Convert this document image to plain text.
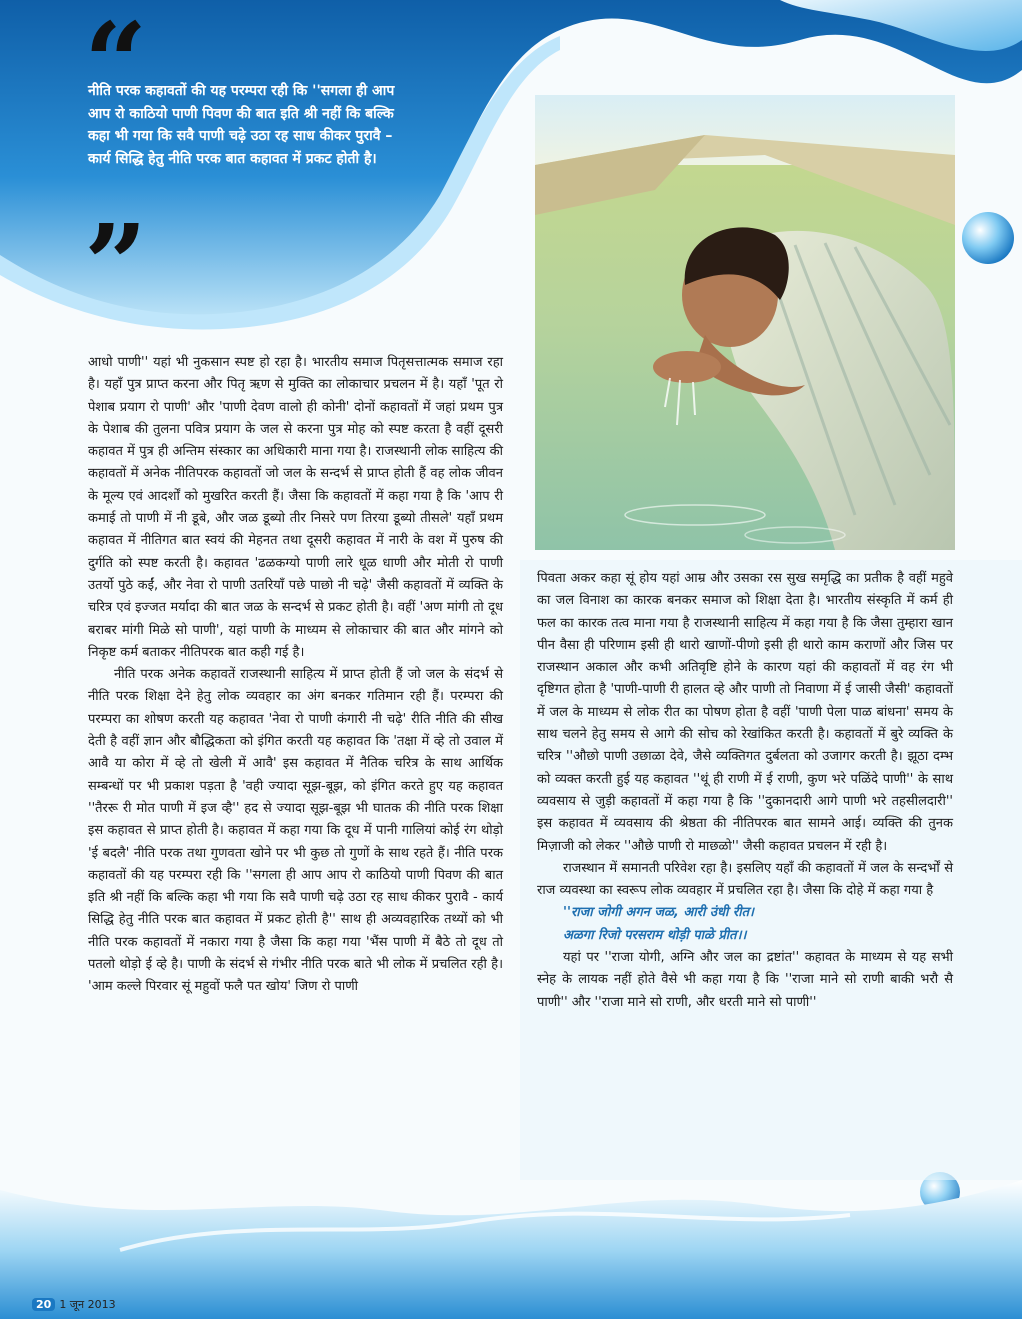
“
नीति परक कहावतों की यह परम्परा रही कि ''सगला ही आप आप रो काठियो पाणी पिवण की बात इति श्री नहीं कि बल्कि कहा भी गया कि सवै पाणी चढ़े उठा रह साध कीकर पुरावै – कार्य सिद्धि हेतु नीति परक बात कहावत में प्रकट होती है।
”

आधो पाणी'' यहां भी नुकसान स्पष्ट हो रहा है। भारतीय समाज पितृसत्तात्मक समाज रहा है। यहाँ पुत्र प्राप्त करना और पितृ ऋण से मुक्ति का लोकाचार प्रचलन में है। यहाँ 'पूत रो पेशाब प्रयाग रो पाणी' और 'पाणी देवण वालो ही कोनी' दोनों कहावतों में जहां प्रथम पुत्र के पेशाब की तुलना पवित्र प्रयाग के जल से करना पुत्र मोह को स्पष्ट करता है वहीं दूसरी कहावत में पुत्र ही अन्तिम संस्कार का अधिकारी माना गया है। राजस्थानी लोक साहित्य की कहावतों में अनेक नीतिपरक कहावतों जो जल के सन्दर्भ से प्राप्त होती हैं वह लोक जीवन के मूल्य एवं आदर्शों को मुखरित करती हैं। जैसा कि कहावतों में कहा गया है कि 'आप री कमाई तो पाणी में नी डूबे, और जळ डूब्यो तीर निसरे पण तिरया डूब्यो तीसले' यहाँ प्रथम कहावत में नीतिगत बात स्वयं की मेहनत तथा दूसरी कहावत में नारी के वश में पुरुष की दुर्गति को स्पष्ट करती है। कहावत 'ढळकग्यो पाणी लारे धूळ धाणी और मोती रो पाणी उतर्यो पुठे कईं, और नेवा रो पाणी उतरियाँ पछे पाछो नी चढ़े' जैसी कहावतों में व्यक्ति के चरित्र एवं इज्जत मर्यादा की बात जळ के सन्दर्भ से प्रकट होती है। वहीं 'अण मांगी तो दूध बराबर मांगी मिळे सो पाणी', यहां पाणी के माध्यम से लोकाचार की बात और मांगने को निकृष्ट कर्म बताकर नीतिपरक बात कही गई है।

नीति परक अनेक कहावतें राजस्थानी साहित्य में प्राप्त होती हैं जो जल के संदर्भ से नीति परक शिक्षा देने हेतु लोक व्यवहार का अंग बनकर गतिमान रही हैं। परम्परा की परम्परा का शोषण करती यह कहावत 'नेवा रो पाणी कंगारी नी चढ़े' रीति नीति की सीख देती है वहीं ज्ञान और बौद्धिकता को इंगित करती यह कहावत कि 'तक्षा में व्हे तो उवाल में आवै या कोरा में व्हे तो खेली में आवै' इस कहावत में नैतिक चरित्र के साथ आर्थिक सम्बन्धों पर भी प्रकाश पड़ता है 'वही ज्यादा सूझ-बूझ, को इंगित करते हुए यह कहावत ''तैररू री मोत पाणी में इज व्है'' हद से ज्यादा सूझ-बूझ भी घातक की नीति परक शिक्षा इस कहावत से प्राप्त होती है। कहावत में कहा गया कि दूध में पानी गालियां कोई रंग थोड़ो 'ई बदलै' नीति परक तथा गुणवता खोने पर भी कुछ तो गुणों के साथ रहते हैं। नीति परक कहावतों की यह परम्परा रही कि ''सगला ही आप आप रो काठियो पाणी पिवण की बात इति श्री नहीं कि बल्कि कहा भी गया कि सवै पाणी चढ़े उठा रह साध कीकर पुरावै - कार्य सिद्धि हेतु नीति परक बात कहावत में प्रकट होती है'' साथ ही अव्यवहारिक तथ्यों को भी नीति परक कहावतों में नकारा गया है जैसा कि कहा गया 'भैंस पाणी में बैठे तो दूध तो पतलो थोड़ो ई व्हे है। पाणी के संदर्भ से गंभीर नीति परक बाते भी लोक में प्रचलित रही है। 'आम कल्ले पिरवार सूं महुवों फलै पत खोय' जिण रो पाणी

पिवता अकर कहा सूं होय यहां आम्र और उसका रस सुख समृद्धि का प्रतीक है वहीं महुवे का जल विनाश का कारक बनकर समाज को शिक्षा देता है। भारतीय संस्कृति में कर्म ही फल का कारक तत्व माना गया है राजस्थानी साहित्य में कहा गया है कि जैसा तुम्हारा खान पीन वैसा ही परिणाम इसी ही थारो खाणों-पीणो इसी ही थारो काम कराणों और जिस पर राजस्थान अकाल और कभी अतिवृष्टि होने के कारण यहां की कहावतों में वह रंग भी दृष्टिगत होता है 'पाणी-पाणी री हालत व्हे और पाणी तो निवाणा में ई जासी जैसी' कहावतों में जल के माध्यम से लोक रीत का पोषण होता है वहीं 'पाणी पेला पाळ बांधना' समय के साथ चलने हेतु समय से आगे की सोच को रेखांकित करती है। कहावतों में बुरे व्यक्ति के चरित्र ''औछो पाणी उछाळा देवे, जैसे व्यक्तिगत दुर्बलता को उजागर करती है। झूठा दम्भ को व्यक्त करती हुई यह कहावत ''थूं ही राणी में ई राणी, कुण भरे पळिंदे पाणी'' के साथ व्यवसाय से जुड़ी कहावतों में कहा गया है कि ''दुकानदारी आगे पाणी भरे तहसीलदारी'' इस कहावत में व्यवसाय की श्रेष्ठता की नीतिपरक बात सामने आई। व्यक्ति की तुनक मिज़ाजी को लेकर ''औछे पाणी रो माछळो'' जैसी कहावत प्रचलन में रही है।

राजस्थान में समानती परिवेश रहा है। इसलिए यहाँ की कहावतों में जल के सन्दर्भों से राज व्यवस्था का स्वरूप लोक व्यवहार में प्रचलित रहा है। जैसा कि दोहे में कहा गया है

''राजा जोगी अगन जळ, आरी उंधी रीत।

अळगा रिजो परसराम थोड़ी पाळे प्रीत।।

यहां पर ''राजा योगी, अग्नि और जल का द्रष्टांत'' कहावत के माध्यम से यह सभी स्नेह के लायक नहीं होते वैसे भी कहा गया है कि ''राजा माने सो राणी बाकी भरौ सै पाणी'' और ''राजा माने सो राणी, और धरती माने सो पाणी''

20 1 जून 2013
